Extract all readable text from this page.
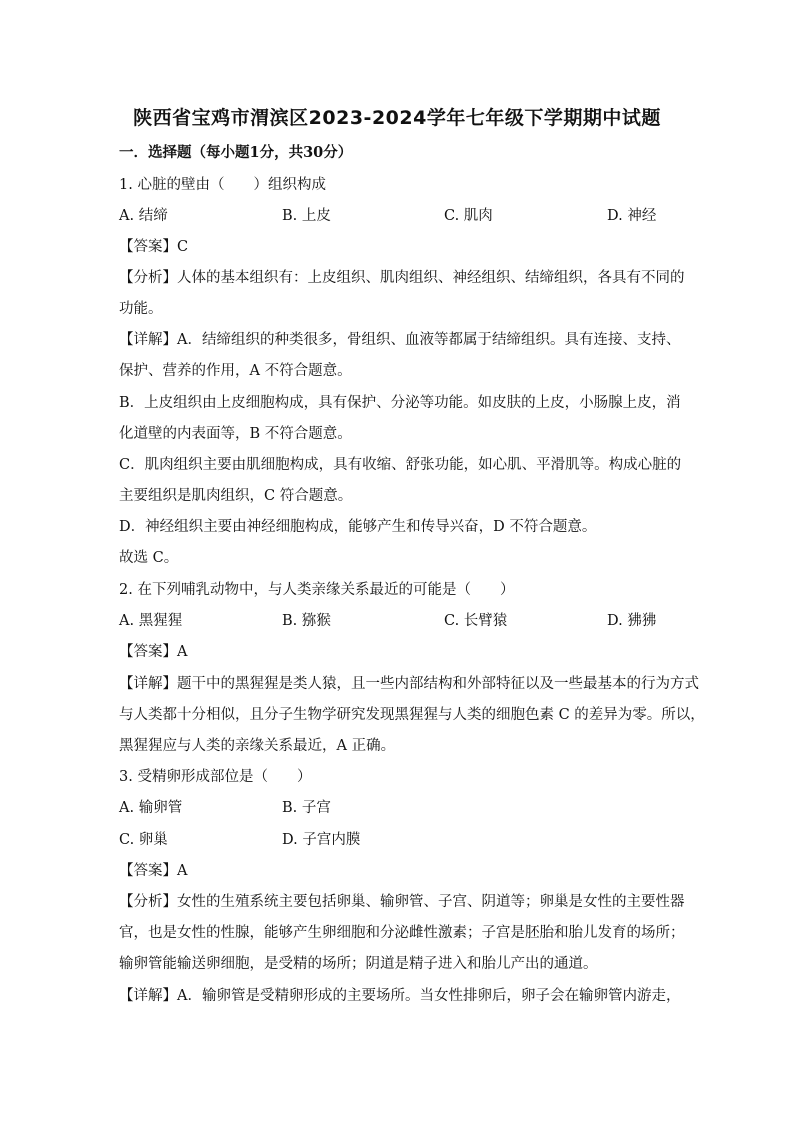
陕西省宝鸡市渭滨区2023-2024学年七年级下学期期中试题
一．选择题（每小题1分，共30分）
1. 心脏的壁由（　　）组织构成
A. 结缔	B. 上皮	C. 肌肉	D. 神经
【答案】C
【分析】人体的基本组织有：上皮组织、肌肉组织、神经组织、结缔组织，各具有不同的
功能。
【详解】A．结缔组织的种类很多，骨组织、血液等都属于结缔组织。具有连接、支持、
保护、营养的作用，A 不符合题意。
B．上皮组织由上皮细胞构成，具有保护、分泌等功能。如皮肤的上皮，小肠腺上皮，消
化道壁的内表面等，B 不符合题意。
C．肌肉组织主要由肌细胞构成，具有收缩、舒张功能，如心肌、平滑肌等。构成心脏的
主要组织是肌肉组织，C 符合题意。
D．神经组织主要由神经细胞构成，能够产生和传导兴奋，D 不符合题意。
故选 C。
2. 在下列哺乳动物中，与人类亲缘关系最近的可能是（　　）
A. 黑猩猩	B. 猕猴	C. 长臂猿	D. 狒狒
【答案】A
【详解】题干中的黑猩猩是类人猿，且一些内部结构和外部特征以及一些最基本的行为方式
与人类都十分相似，且分子生物学研究发现黑猩猩与人类的细胞色素 C 的差异为零。所以，
黑猩猩应与人类的亲缘关系最近，A 正确。
3. 受精卵形成部位是（　　）
A. 输卵管	B. 子宫
C. 卵巢	D. 子宫内膜
【答案】A
【分析】女性的生殖系统主要包括卵巢、输卵管、子宫、阴道等；卵巢是女性的主要性器
官，也是女性的性腺，能够产生卵细胞和分泌雌性激素；子宫是胚胎和胎儿发育的场所；
输卵管能输送卵细胞，是受精的场所；阴道是精子进入和胎儿产出的通道。
【详解】A．输卵管是受精卵形成的主要场所。当女性排卵后，卵子会在输卵管内游走，
